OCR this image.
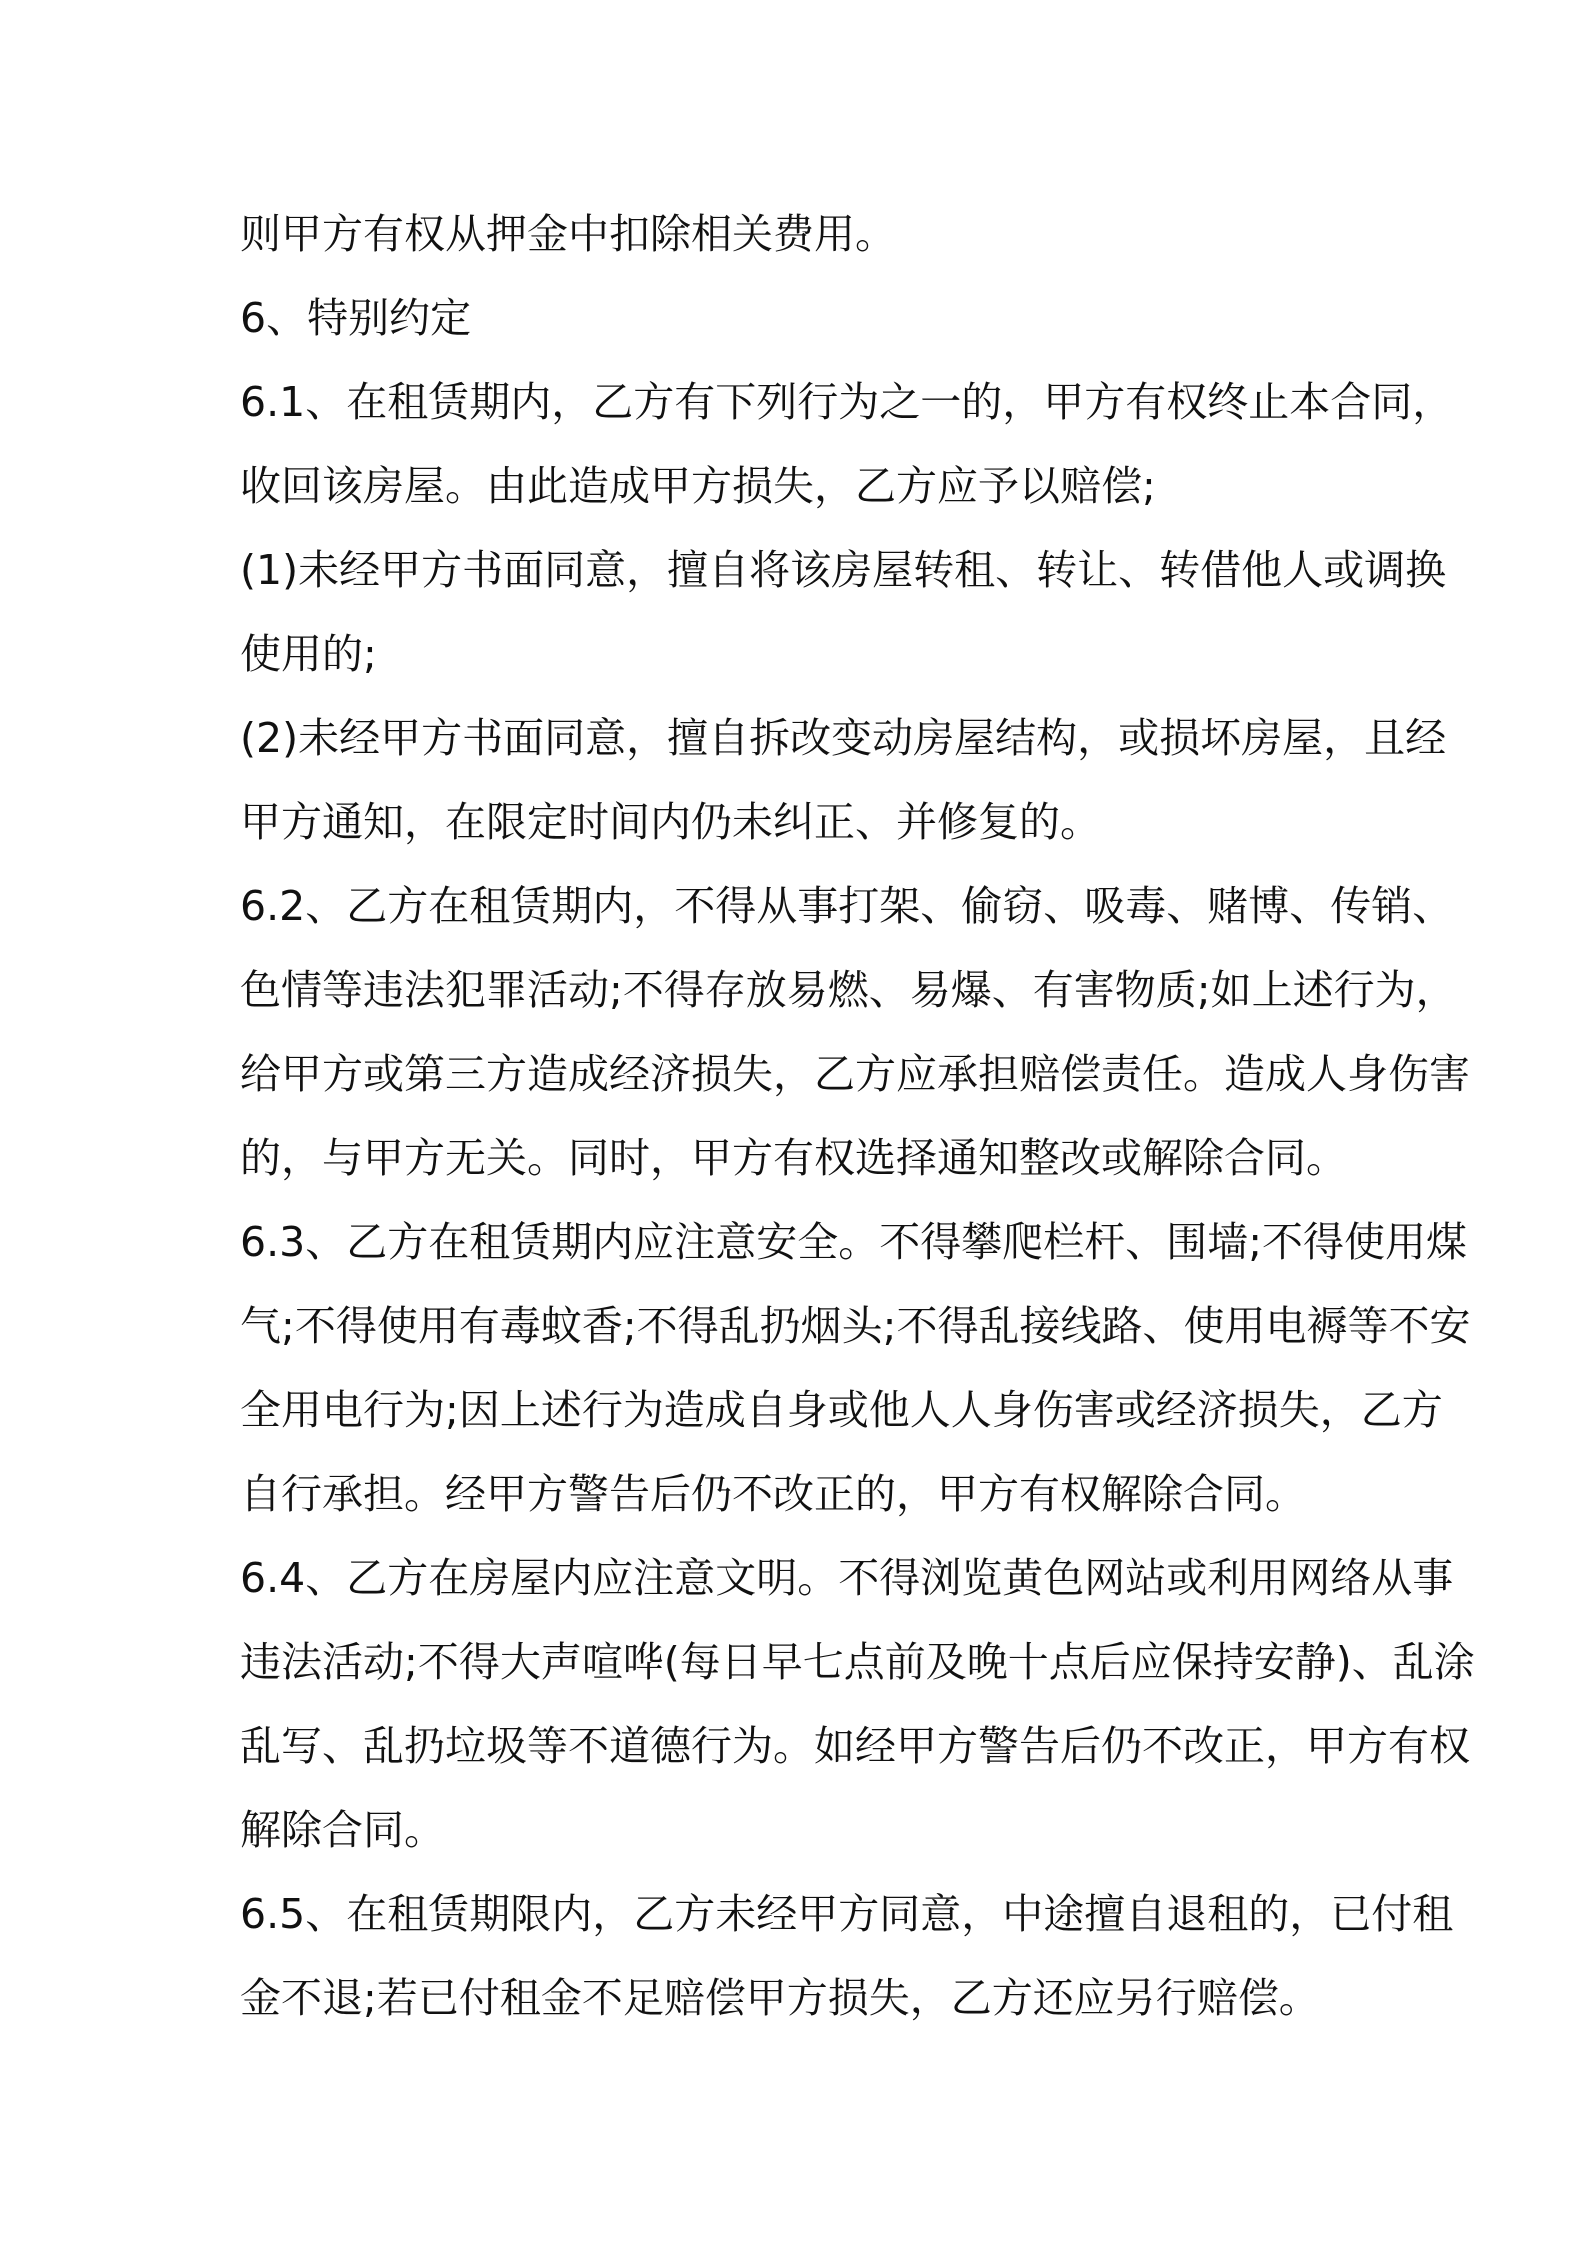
则甲方有权从押金中扣除相关费用。
6、特别约定
6.1、在租赁期内，乙方有下列行为之一的，甲方有权终止本合同，
收回该房屋。由此造成甲方损失，乙方应予以赔偿;
(1)未经甲方书面同意，擅自将该房屋转租、转让、转借他人或调换
使用的;
(2)未经甲方书面同意，擅自拆改变动房屋结构，或损坏房屋，且经
甲方通知，在限定时间内仍未纠正、并修复的。
6.2、乙方在租赁期内，不得从事打架、偷窃、吸毒、赌博、传销、
色情等违法犯罪活动;不得存放易燃、易爆、有害物质;如上述行为，
给甲方或第三方造成经济损失，乙方应承担赔偿责任。造成人身伤害
的，与甲方无关。同时，甲方有权选择通知整改或解除合同。
6.3、乙方在租赁期内应注意安全。不得攀爬栏杆、围墙;不得使用煤
气;不得使用有毒蚊香;不得乱扔烟头;不得乱接线路、使用电褥等不安
全用电行为;因上述行为造成自身或他人人身伤害或经济损失，乙方
自行承担。经甲方警告后仍不改正的，甲方有权解除合同。
6.4、乙方在房屋内应注意文明。不得浏览黄色网站或利用网络从事
违法活动;不得大声喧哗(每日早七点前及晚十点后应保持安静)、乱涂
乱写、乱扔垃圾等不道德行为。如经甲方警告后仍不改正，甲方有权
解除合同。
6.5、在租赁期限内，乙方未经甲方同意，中途擅自退租的，已付租
金不退;若已付租金不足赔偿甲方损失，乙方还应另行赔偿。
